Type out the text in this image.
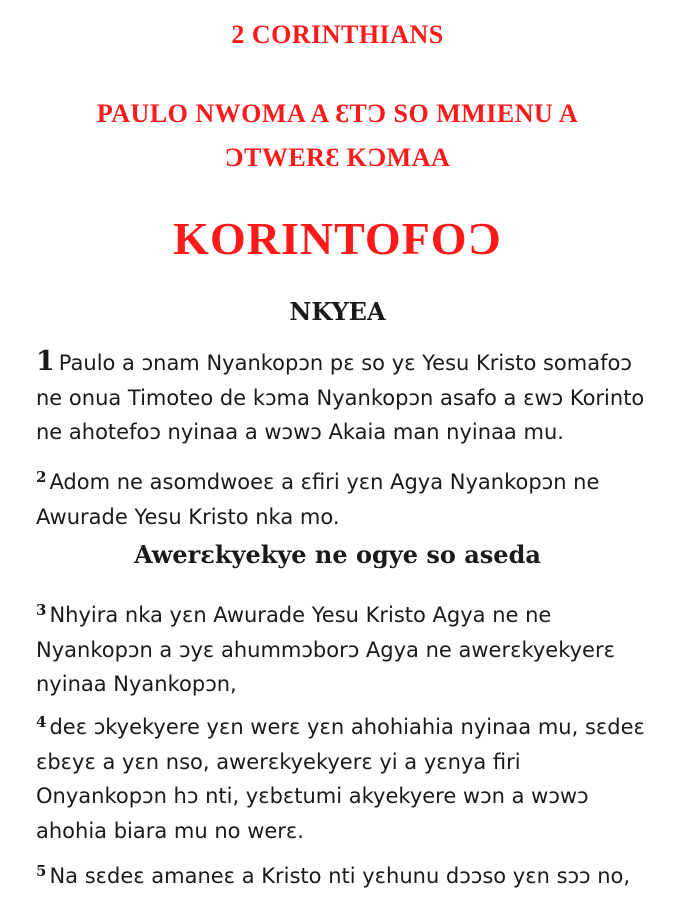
2 CORINTHIANS
PAULO NWOMA A ƐTƆ SO MMIENU A ƆTWERƐ KƆMAA
KORINTOFOƆ
NKYEA
1 Paulo a ɔnam Nyankopɔn pɛ so yɛ Yesu Kristo somafoɔ ne onua Timoteo de kɔma Nyankopɔn asafo a ɛwɔ Korinto ne ahotefoɔ nyinaa a wɔwɔ Akaia man nyinaa mu.
$^2$ Adom ne asomdwoeɛ a ɛfiri yɛn Agya Nyankopɔn ne Awurade Yesu Kristo nka mo.
Awerɛkyekye ne ogye so aseda
$^3$ Nhyira nka yɛn Awurade Yesu Kristo Agya ne ne Nyankopɔn a ɔyɛ ahummɔborɔ Agya ne awerɛkyekyerɛ nyinaa Nyankopɔn,
$^4$ deɛ ɔkyekyere yɛn werɛ yɛn ahohiahia nyinaa mu, sɛdeɛ ɛbɛyɛ a yɛn nso, awerɛkyekyerɛ yi a yɛnya firi Onyankopɔn hɔ nti, yɛbɛtumi akyekyere wɔn a wɔwɔ ahohia biara mu no werɛ.
$^5$ Na sɛdeɛ amaneɛ a Kristo nti yɛhunu dɔɔso yɛn sɔɔ no,
